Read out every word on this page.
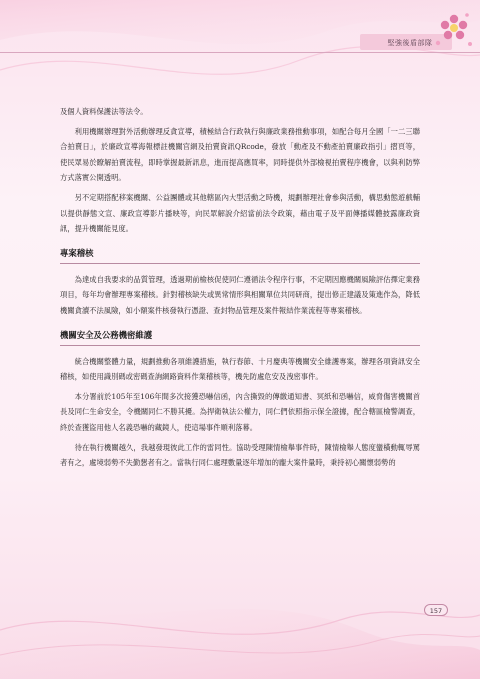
堅強後盾部隊

及個人資料保護法等法令。

利用機關辦理對外活動辦理反貪宣導，積極結合行政執行與廉政業務推動事項，如配合每月全國「一二三聯合拍賣日」，於廉政宣導海報標註機關官網及拍賣資訊QRcode，發放「動產及不動產拍賣廉政指引」摺頁等，使民眾易於瞭解拍賣流程，即時掌握最新訊息，進而提高應買率，同時提供外部檢視拍賣程序機會，以與利防弊方式落實公開透明。

另不定期搭配移案機關、公益團體或其他轄區內大型活動之時機，規劃辦理社會參與活動，構思動態遊戲輔以提供靜態文宣、廉政宣導影片播映等，向民眾解說介紹當前法令政策，藉由電子及平面傳播媒體披露廉政資訊，提升機關能見度。

專案稽核

為達成自我要求的品質管理，透過期前檢核促使同仁遵循法令程序行事，不定期因應機關風險評估擇定業務項目，每年均會辦理專案稽核。針對稽核缺失或異常情形與相關單位共同研商，提出修正建議及策進作為，降低機關貪瀆不法風險，如小額案件核發執行憑證、查封物品管理及案件報結作業流程等專案稽核。

機關安全及公務機密維護

統合機關整體力量，規劃推動各項維護措施，執行春節、十月慶典等機關安全維護專案，辦理各項資訊安全稽核，如使用識別碼或密碼查詢網路資料作業稽核等，機先防處危安及洩密事件。

本分署前於105年至106年間多次接獲恐嚇信函，內含撕毀的傳繳通知書、冥紙和恐嚇信，威脅傷害機關首長及同仁生命安全，令機關同仁不勝其擾。為捍衛執法公權力，同仁們依照指示保全證據，配合轄區檢警調查，終於查獲盜用他人名義恐嚇的藏鏡人，使這場事件順利落幕。

待在執行機關越久，我越發現彼此工作的雷同性。協助受理陳情檢舉事件時，陳情檢舉人態度蠻橫動輒辱罵者有之，處境弱勢不失勤懇者有之。當執行同仁處理數量逐年增加的龐大案件量時，秉持初心關懷弱勢的

157
